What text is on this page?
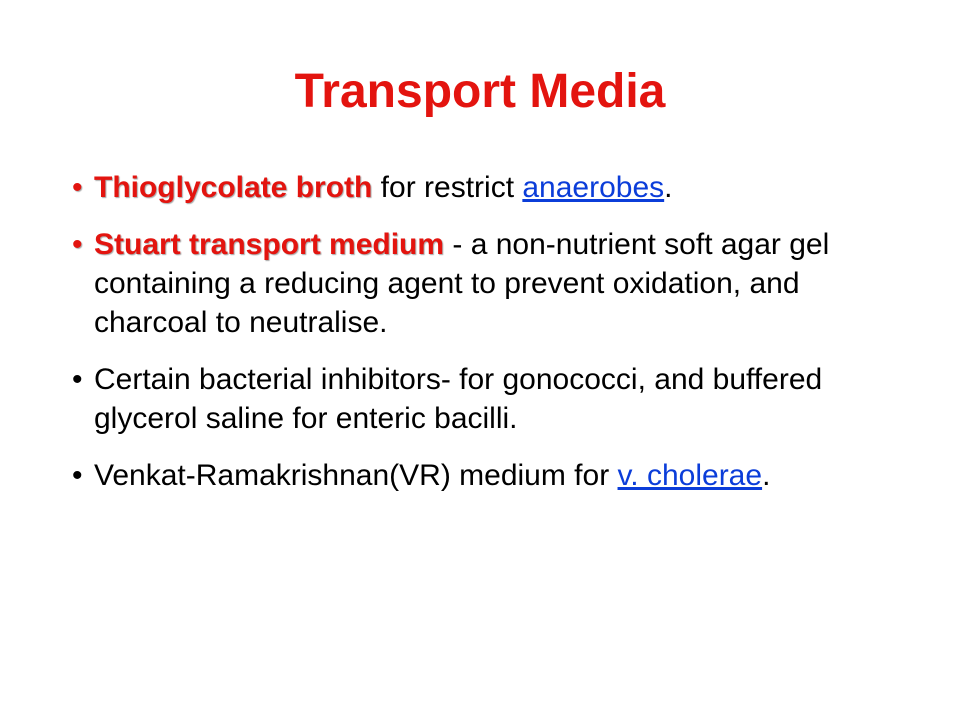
Transport Media
• Thioglycolate broth for restrict anaerobes.
• Stuart transport medium - a non-nutrient soft agar gel containing a reducing agent to prevent oxidation, and charcoal to neutralise.
• Certain bacterial inhibitors- for gonococci, and buffered glycerol saline for enteric bacilli.
• Venkat-Ramakrishnan(VR) medium for v. cholerae.
